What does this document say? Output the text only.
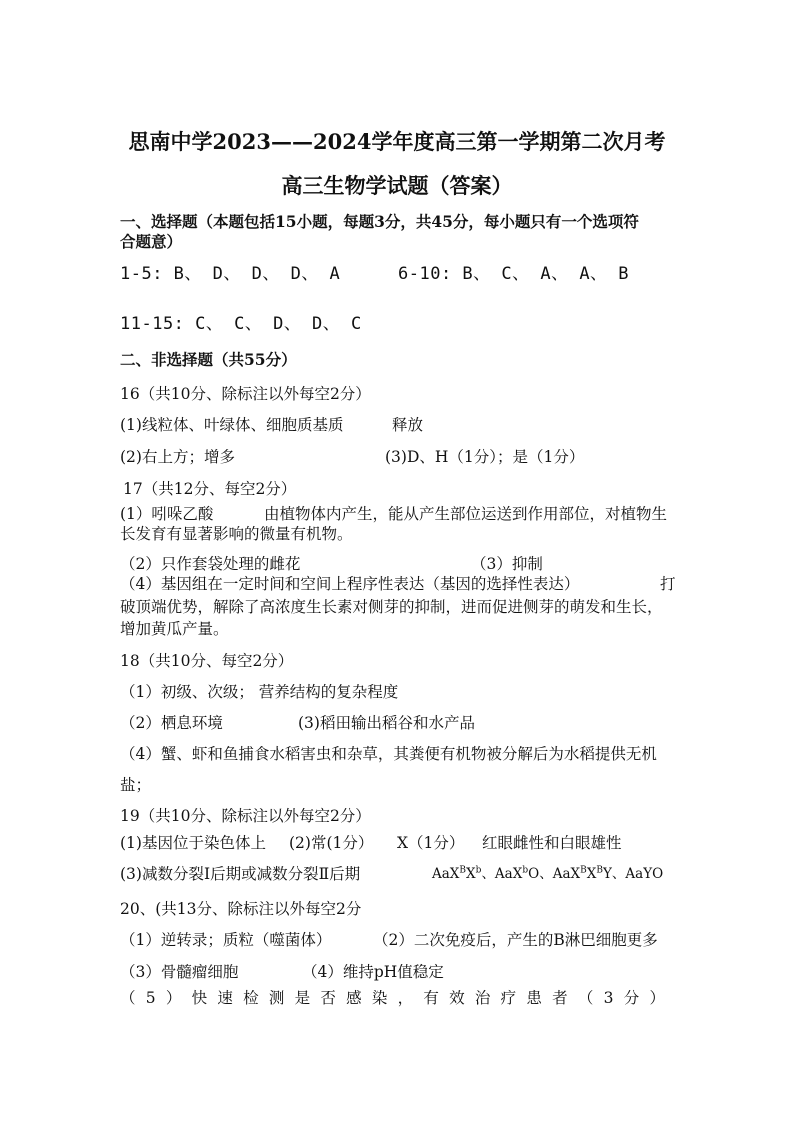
思南中学2023——2024学年度高三第一学期第二次月考
高三生物学试题（答案）
一、选择题（本题包括15小题，每题3分，共45分，每小题只有一个选项符
合题意）
1-5: B、 D、 D、 D、 A	6-10: B、 C、 A、 A、 B
11-15: C、 C、 D、 D、 C
二、非选择题（共55分）
16（共10分、除标注以外每空2分）
(1)线粒体、叶绿体、细胞质基质	释放
(2)右上方；增多	(3)D、H（1分）；是（1分）
17（共12分、每空2分）
(1）吲哚乙酸	由植物体内产生，能从产生部位运送到作用部位，对植物生
长发育有显著影响的微量有机物。
（2）只作套袋处理的雌花	（3）抑制
（4）基因组在一定时间和空间上程序性表达（基因的选择性表达）	打
破顶端优势，解除了高浓度生长素对侧芽的抑制，进而促进侧芽的萌发和生长，
增加黄瓜产量。
18（共10分、每空2分）
（1）初级、次级； 营养结构的复杂程度
（2）栖息环境	(3)稻田输出稻谷和水产品
（4）蟹、虾和鱼捕食水稻害虫和杂草，其粪便有机物被分解后为水稻提供无机
盐；
19（共10分、除标注以外每空2分）
(1)基因位于染色体上 (2)常(1分） X（1分） 红眼雌性和白眼雄性
(3)减数分裂Ⅰ后期或减数分裂Ⅱ后期	$AaX^BX^b$、AaX$^b$O、$AaX^BX^BY$、AaYO
20、(共13分、除标注以外每空2分
（1）逆转录；质粒（噬菌体）	（2）二次免疫后，产生的B淋巴细胞更多
（3）骨髓瘤细胞	（4）维持pH值稳定
（5）快速检测是否感染，有效治疗患者（3分）
